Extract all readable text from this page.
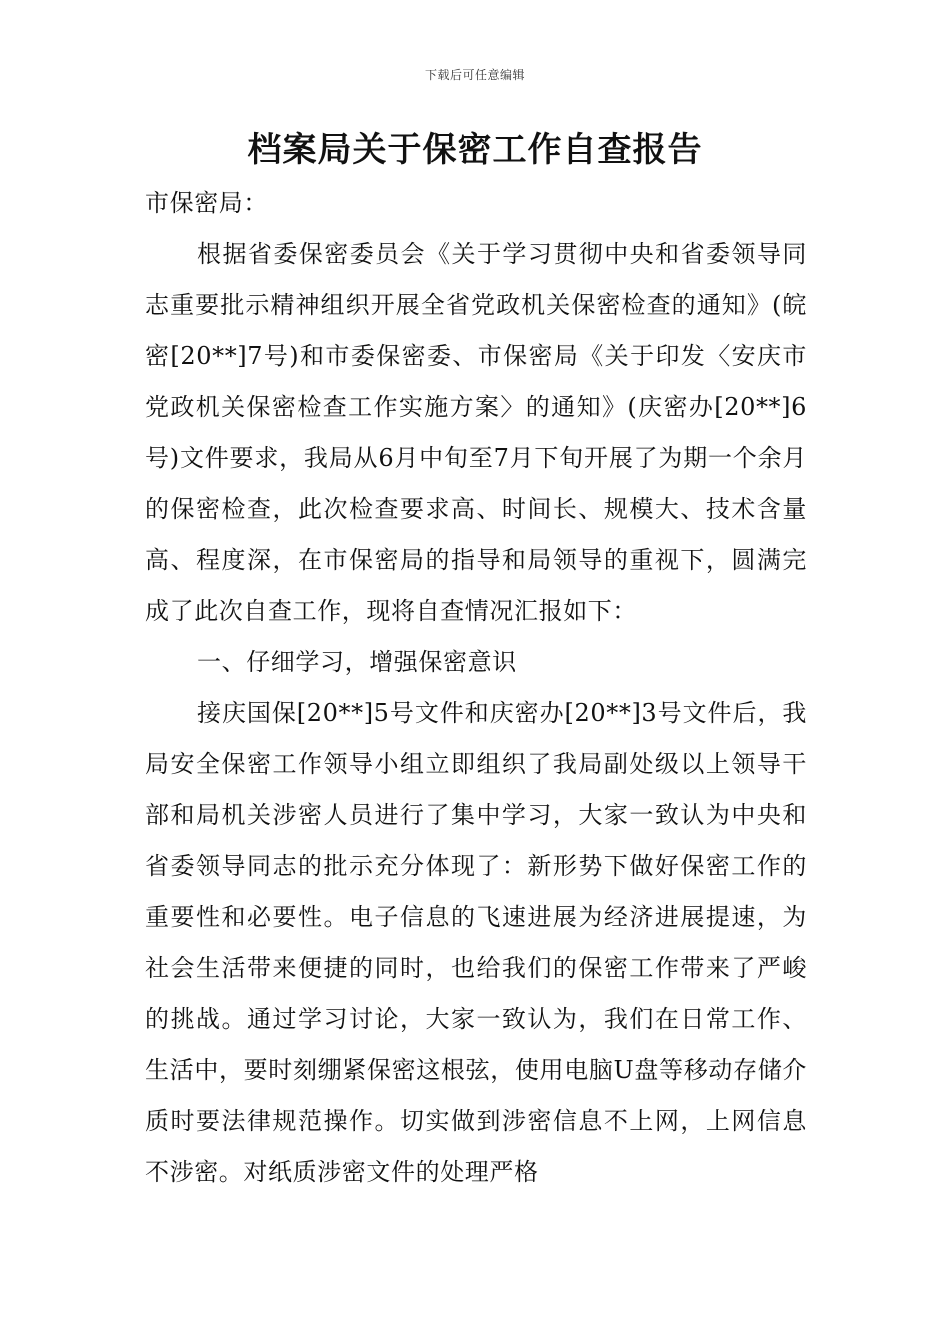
下载后可任意编辑
档案局关于保密工作自查报告

市保密局：

根据省委保密委员会《关于学习贯彻中央和省委领导同志重要批示精神组织开展全省党政机关保密检查的通知》(皖密[20**]7号)和市委保密委、市保密局《关于印发〈安庆市党政机关保密检查工作实施方案〉的通知》(庆密办[20**]6号)文件要求，我局从6月中旬至7月下旬开展了为期一个余月的保密检查，此次检查要求高、时间长、规模大、技术含量高、程度深，在市保密局的指导和局领导的重视下，圆满完成了此次自查工作，现将自查情况汇报如下：

一、仔细学习，增强保密意识

接庆国保[20**]5号文件和庆密办[20**]3号文件后，我局安全保密工作领导小组立即组织了我局副处级以上领导干部和局机关涉密人员进行了集中学习，大家一致认为中央和省委领导同志的批示充分体现了：新形势下做好保密工作的重要性和必要性。电子信息的飞速进展为经济进展提速，为社会生活带来便捷的同时，也给我们的保密工作带来了严峻的挑战。通过学习讨论，大家一致认为，我们在日常工作、生活中，要时刻绷紧保密这根弦，使用电脑U盘等移动存储介质时要法律规范操作。切实做到涉密信息不上网，上网信息不涉密。对纸质涉密文件的处理严格
